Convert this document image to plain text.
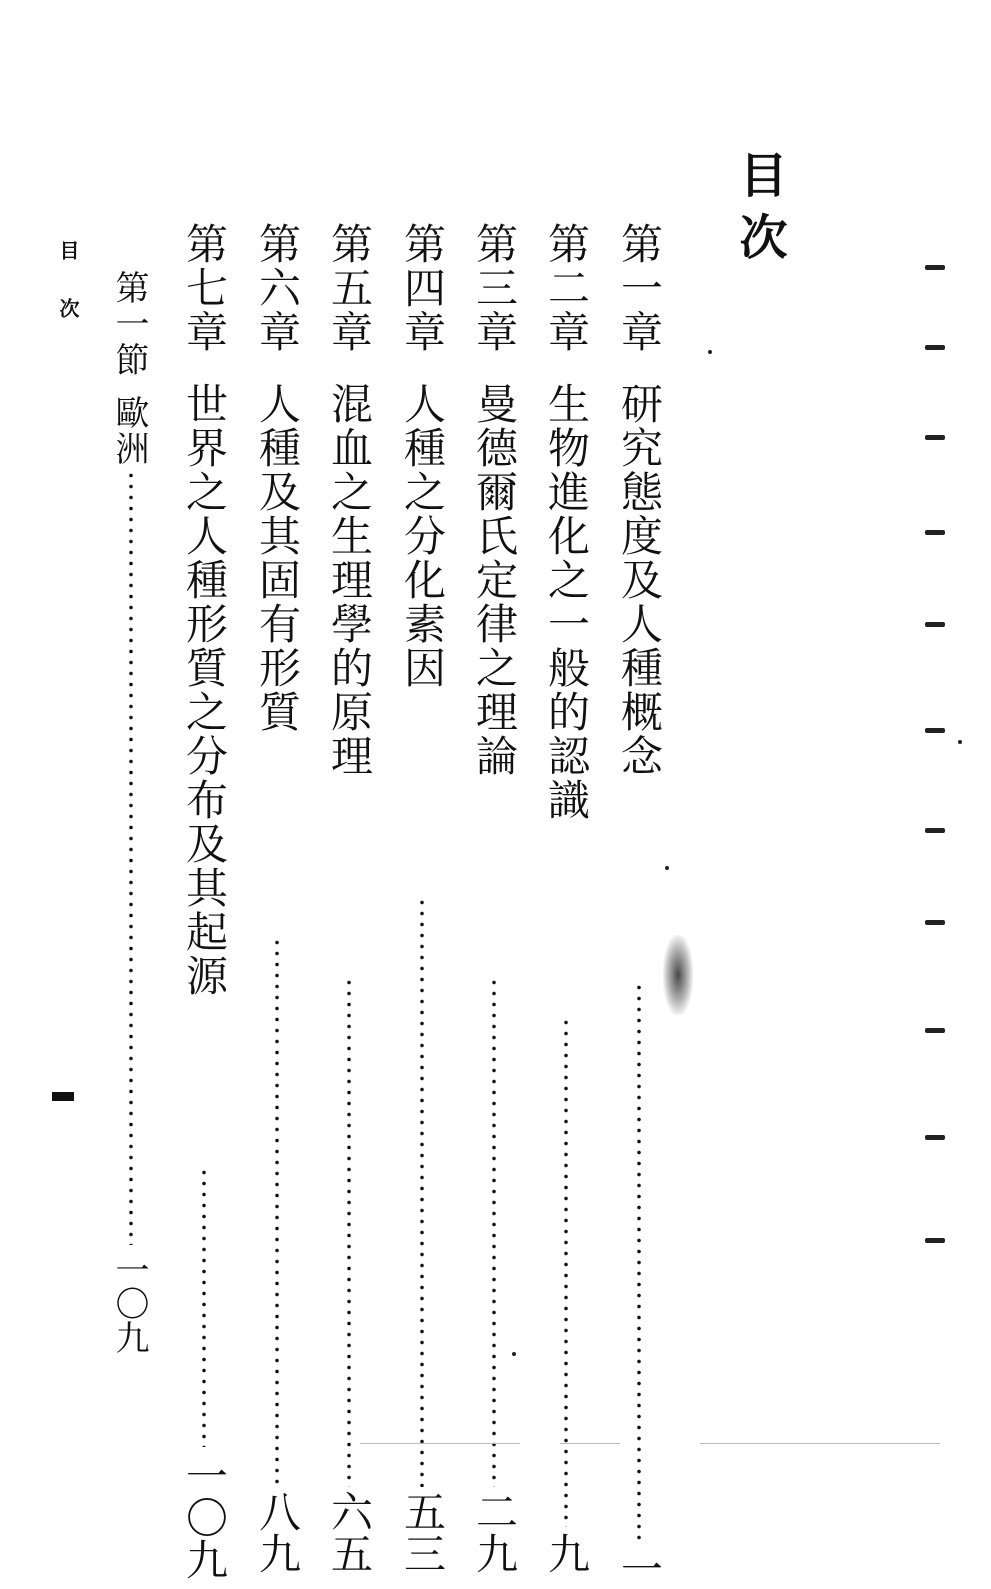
目次
第一章
研究態度及人種概念
一
第二章
生物進化之一般的認識
九
第三章
曼德爾氏定律之理論
二九
第四章
人種之分化素因
五三
第五章
混血之生理學的原理
六五
第六章
人種及其固有形質
八九
第七章
世界之人種形質之分布及其起源
一〇九
第一節
歐洲
一〇九
目次
